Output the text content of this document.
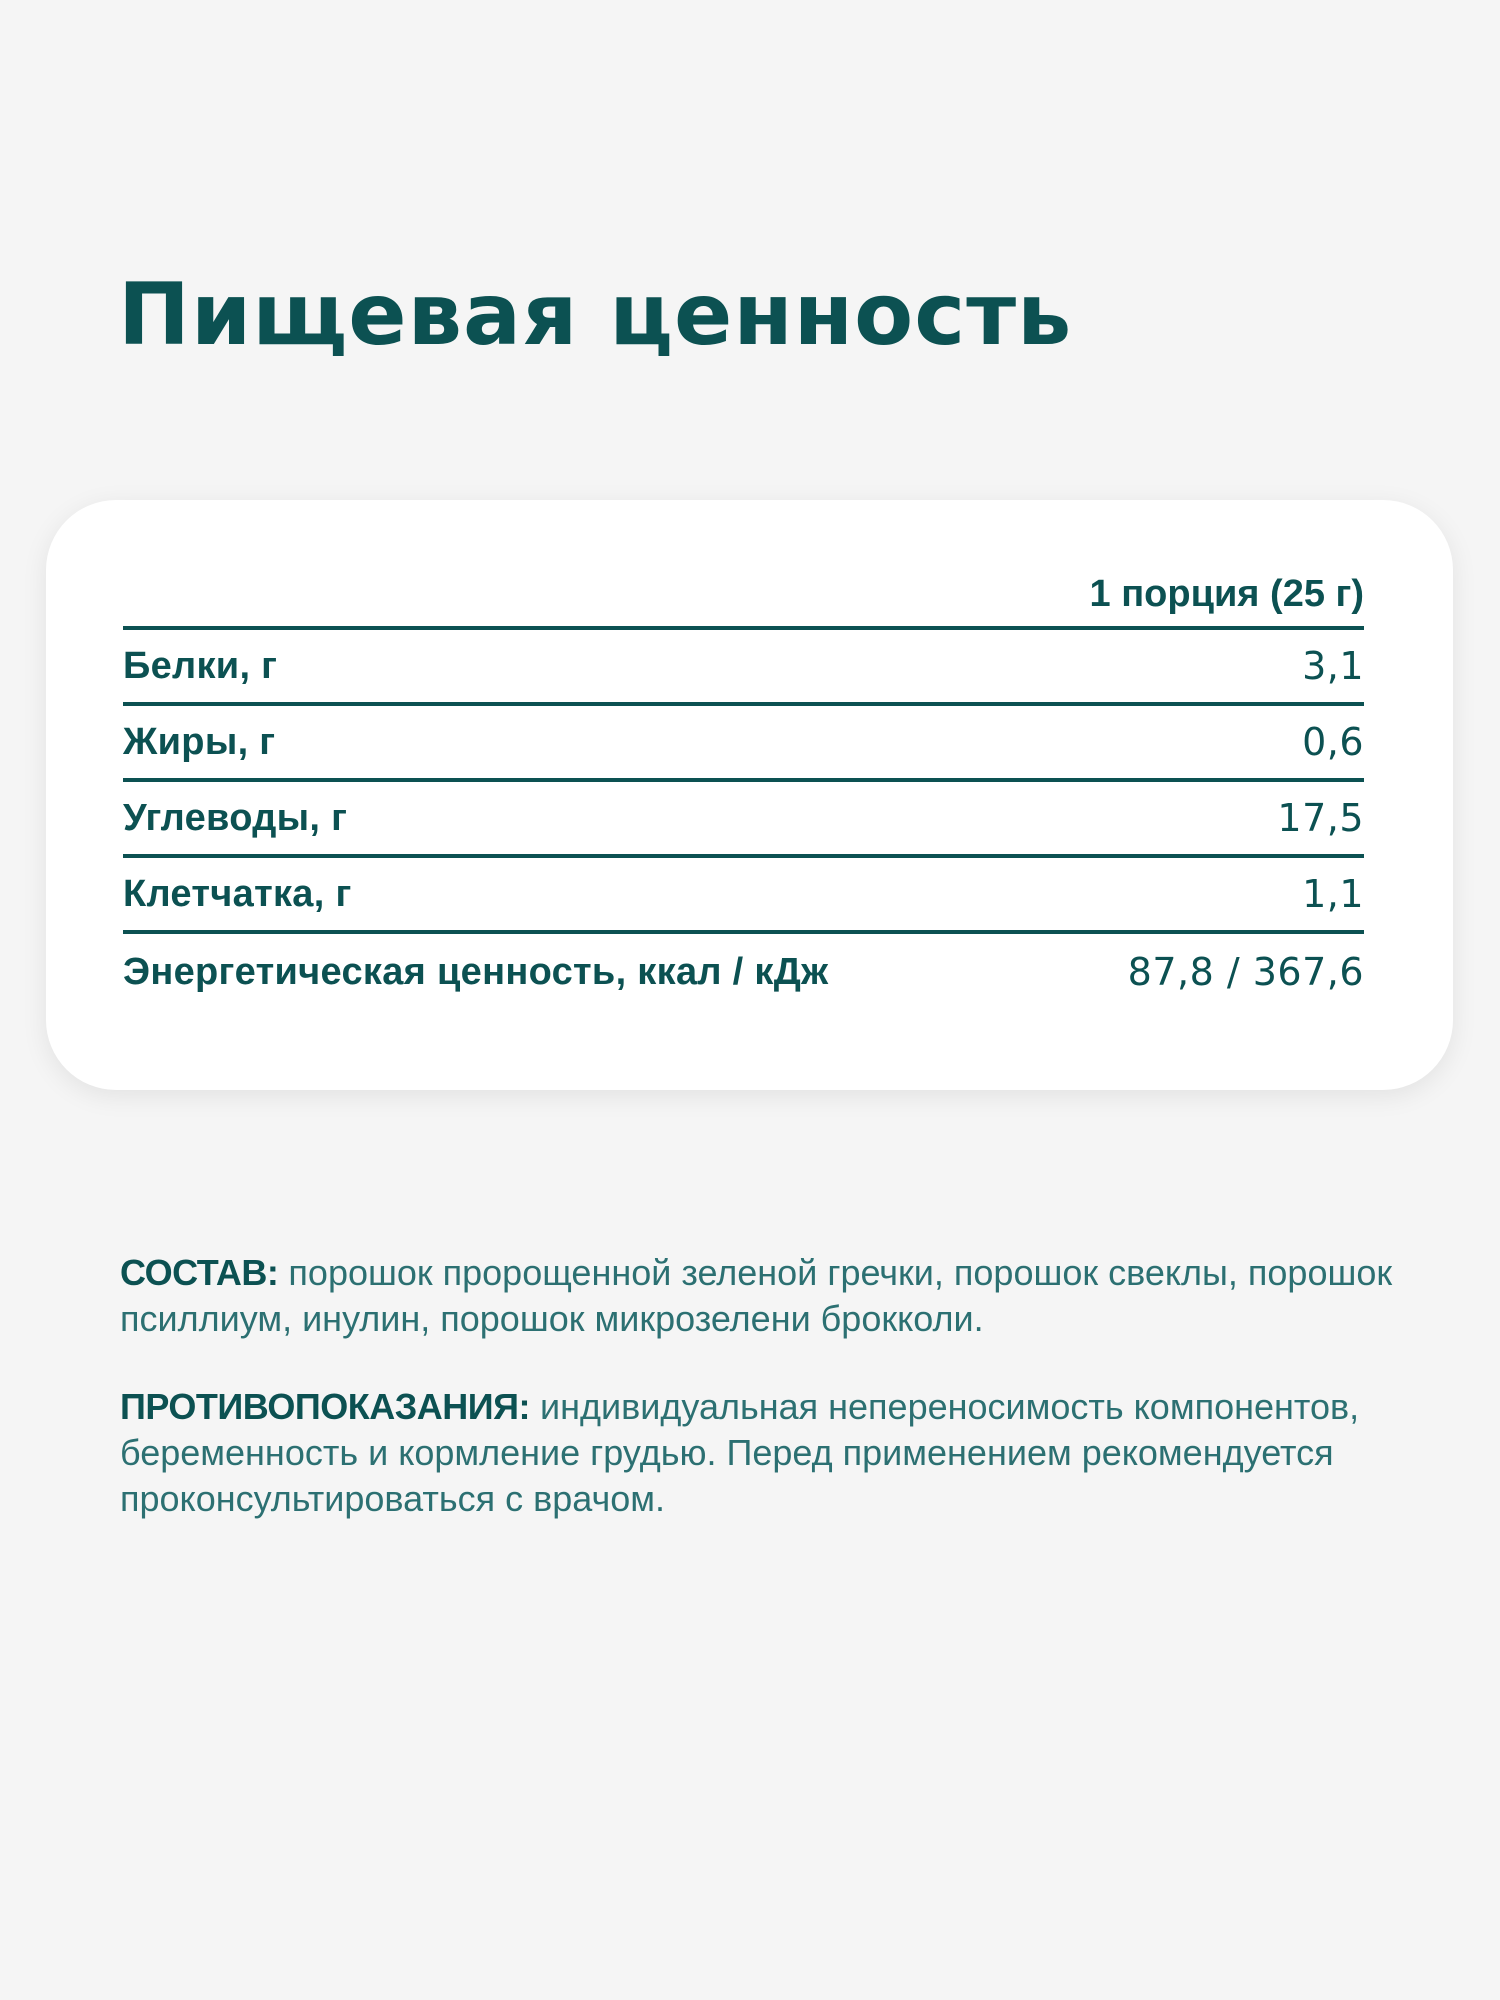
Пищевая ценность
1 порция (25 г)
Белки, г	3,1
Жиры, г	0,6
Углеводы, г	17,5
Клетчатка, г	1,1
Энергетическая ценность, ккал / кДж	87,8 / 367,6

СОСТАВ: порошок пророщенной зеленой гречки, порошок свеклы, порошок псиллиум, инулин, порошок микрозелени брокколи.

ПРОТИВОПОКАЗАНИЯ: индивидуальная непереносимость компонентов, беременность и кормление грудью. Перед применением рекомендуется проконсультироваться с врачом.
